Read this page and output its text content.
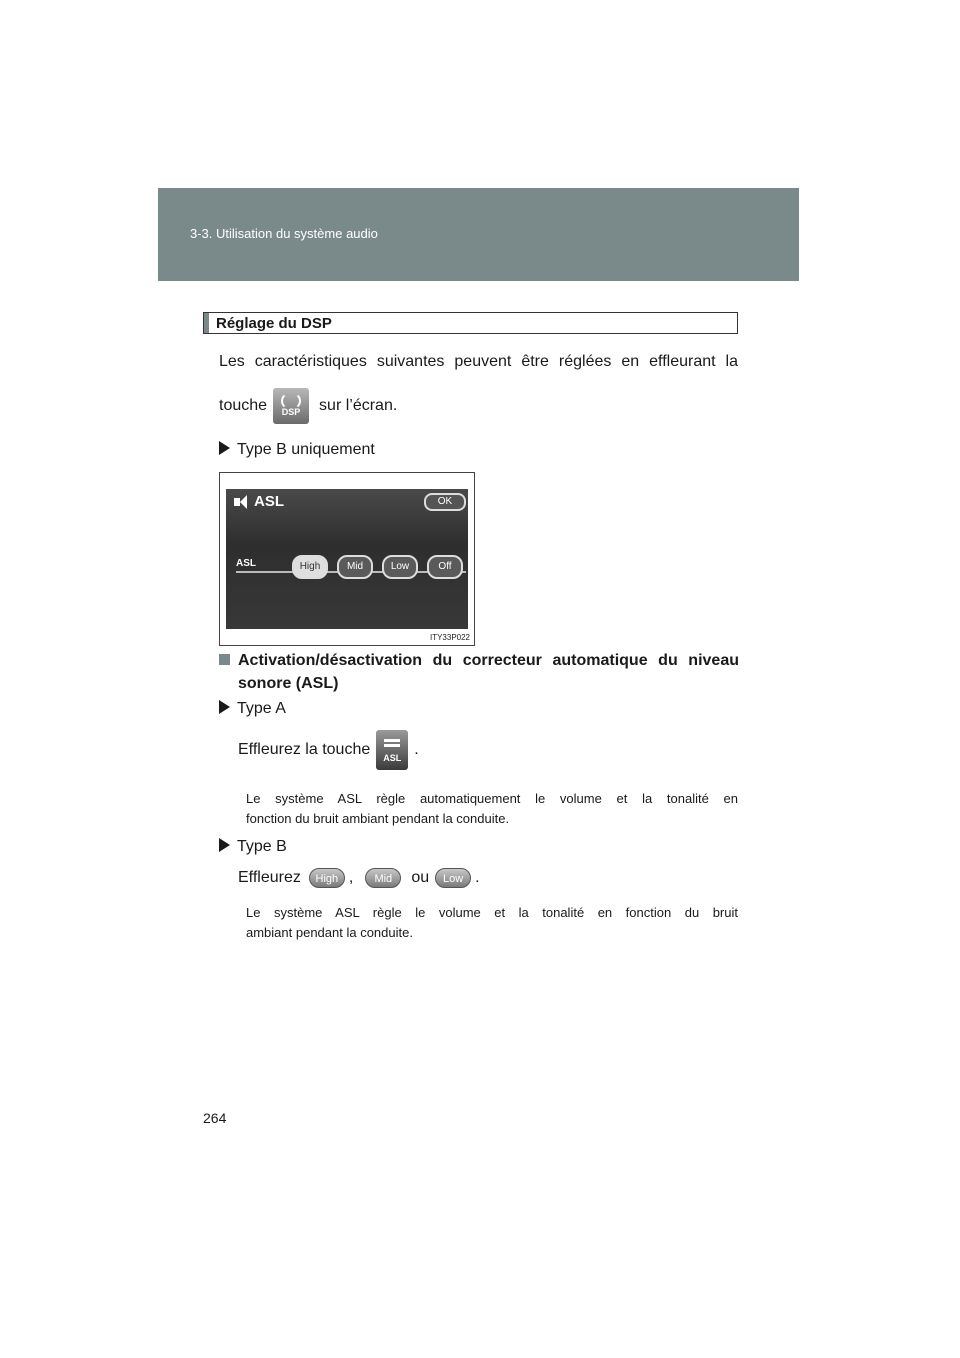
3-3. Utilisation du système audio
Réglage du DSP
Les caractéristiques suivantes peuvent être réglées en effleurant la
touche	DSP	sur l’écran.
Type B uniquement
ASL	OK
ASL	High	Mid	Low	Off
ITY33P022
Activation/désactivation du correcteur automatique du niveau
sonore (ASL)
Type A
Effleurez la touche	ASL .
Le système ASL règle automatiquement le volume et la tonalité en
fonction du bruit ambiant pendant la conduite.
Type B
Effleurez	High ,	Mid	ou	Low .
Le système ASL règle le volume et la tonalité en fonction du bruit
ambiant pendant la conduite.
264
